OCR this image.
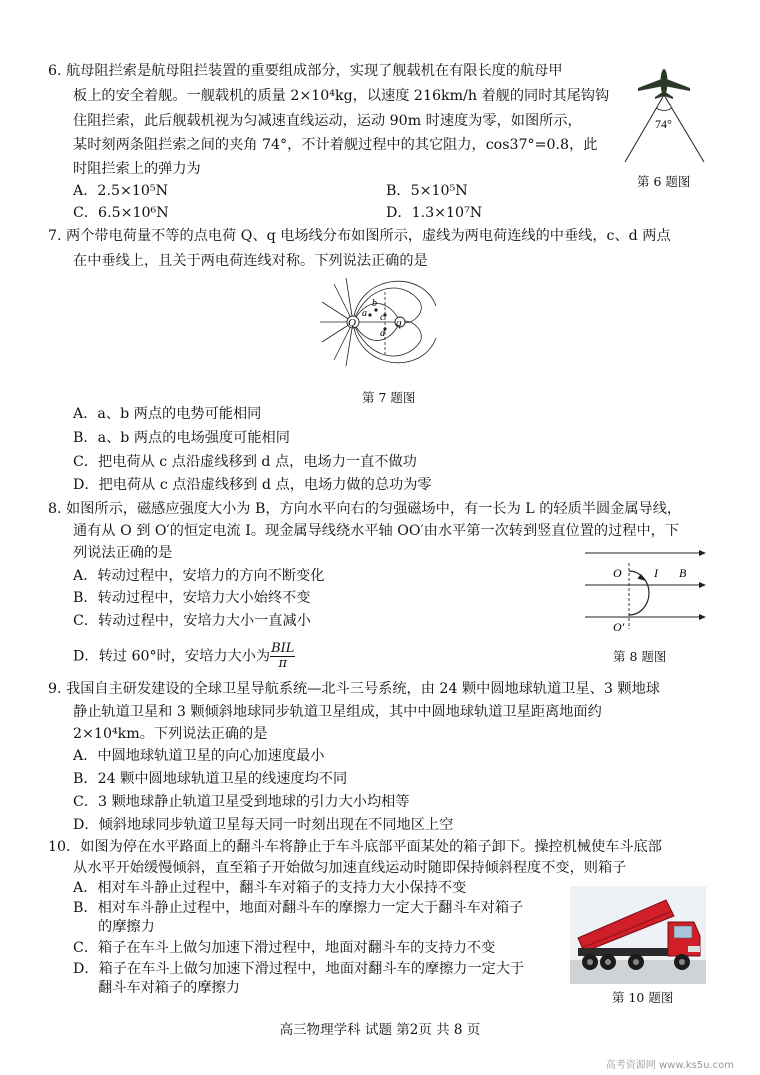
6. 航母阻拦索是航母阻拦装置的重要组成部分，实现了舰载机在有限长度的航母甲
板上的安全着舰。一舰载机的质量 2×10⁴kg，以速度 216km/h 着舰的同时其尾钩钩
住阻拦索，此后舰载机视为匀减速直线运动，运动 90m 时速度为零，如图所示，
某时刻两条阻拦索之间的夹角 74°，不计着舰过程中的其它阻力，cos37°=0.8，此
时阻拦索上的弹力为
A．2.5×10⁵N	B．5×10⁵N
C．6.5×10⁶N	D．1.3×10⁷N
74°
第 6 题图
7. 两个带电荷量不等的点电荷 Q、q 电场线分布如图所示，虚线为两电荷连线的中垂线，c、d 两点
在中垂线上，且关于两电荷连线对称。下列说法正确的是
Q	q
a
b
c
d
第 7 题图
A．a、b 两点的电势可能相同
B．a、b 两点的电场强度可能相同
C．把电荷从 c 点沿虚线移到 d 点，电场力一直不做功
D．把电荷从 c 点沿虚线移到 d 点，电场力做的总功为零
8. 如图所示，磁感应强度大小为 B，方向水平向右的匀强磁场中，有一长为 L 的轻质半圆金属导线，
通有从 O 到 O′的恒定电流 I。现金属导线绕水平轴 OO′由水平第一次转到竖直位置的过程中，下
列说法正确的是
A．转动过程中，安培力的方向不断变化
B．转动过程中，安培力大小始终不变
C．转动过程中，安培力大小一直减小
D．转过 60°时，安培力大小为 $\frac{\text{BIL}}{\pi}$
O
O′
I B
第 8 题图
9. 我国自主研发建设的全球卫星导航系统—北斗三号系统，由 24 颗中圆地球轨道卫星、3 颗地球
静止轨道卫星和 3 颗倾斜地球同步轨道卫星组成，其中中圆地球轨道卫星距离地面约
2×10⁴km。下列说法正确的是
A．中圆地球轨道卫星的向心加速度最小
B．24 颗中圆地球轨道卫星的线速度均不同
C．3 颗地球静止轨道卫星受到地球的引力大小均相等
D．倾斜地球同步轨道卫星每天同一时刻出现在不同地区上空
10．如图为停在水平路面上的翻斗车将静止于车斗底部平面某处的箱子卸下。操控机械使车斗底部
从水平开始缓慢倾斜，直至箱子开始做匀加速直线运动时随即保持倾斜程度不变，则箱子
A．相对车斗静止过程中，翻斗车对箱子的支持力大小保持不变
B．相对车斗静止过程中，地面对翻斗车的摩擦力一定大于翻斗车对箱子
的摩擦力
C．箱子在车斗上做匀加速下滑过程中，地面对翻斗车的支持力不变
D．箱子在车斗上做匀加速下滑过程中，地面对翻斗车的摩擦力一定大于
翻斗车对箱子的摩擦力
第 10 题图
高三物理学科 试题 第2页 共 8 页
高考资源网 www.ks5u.com
